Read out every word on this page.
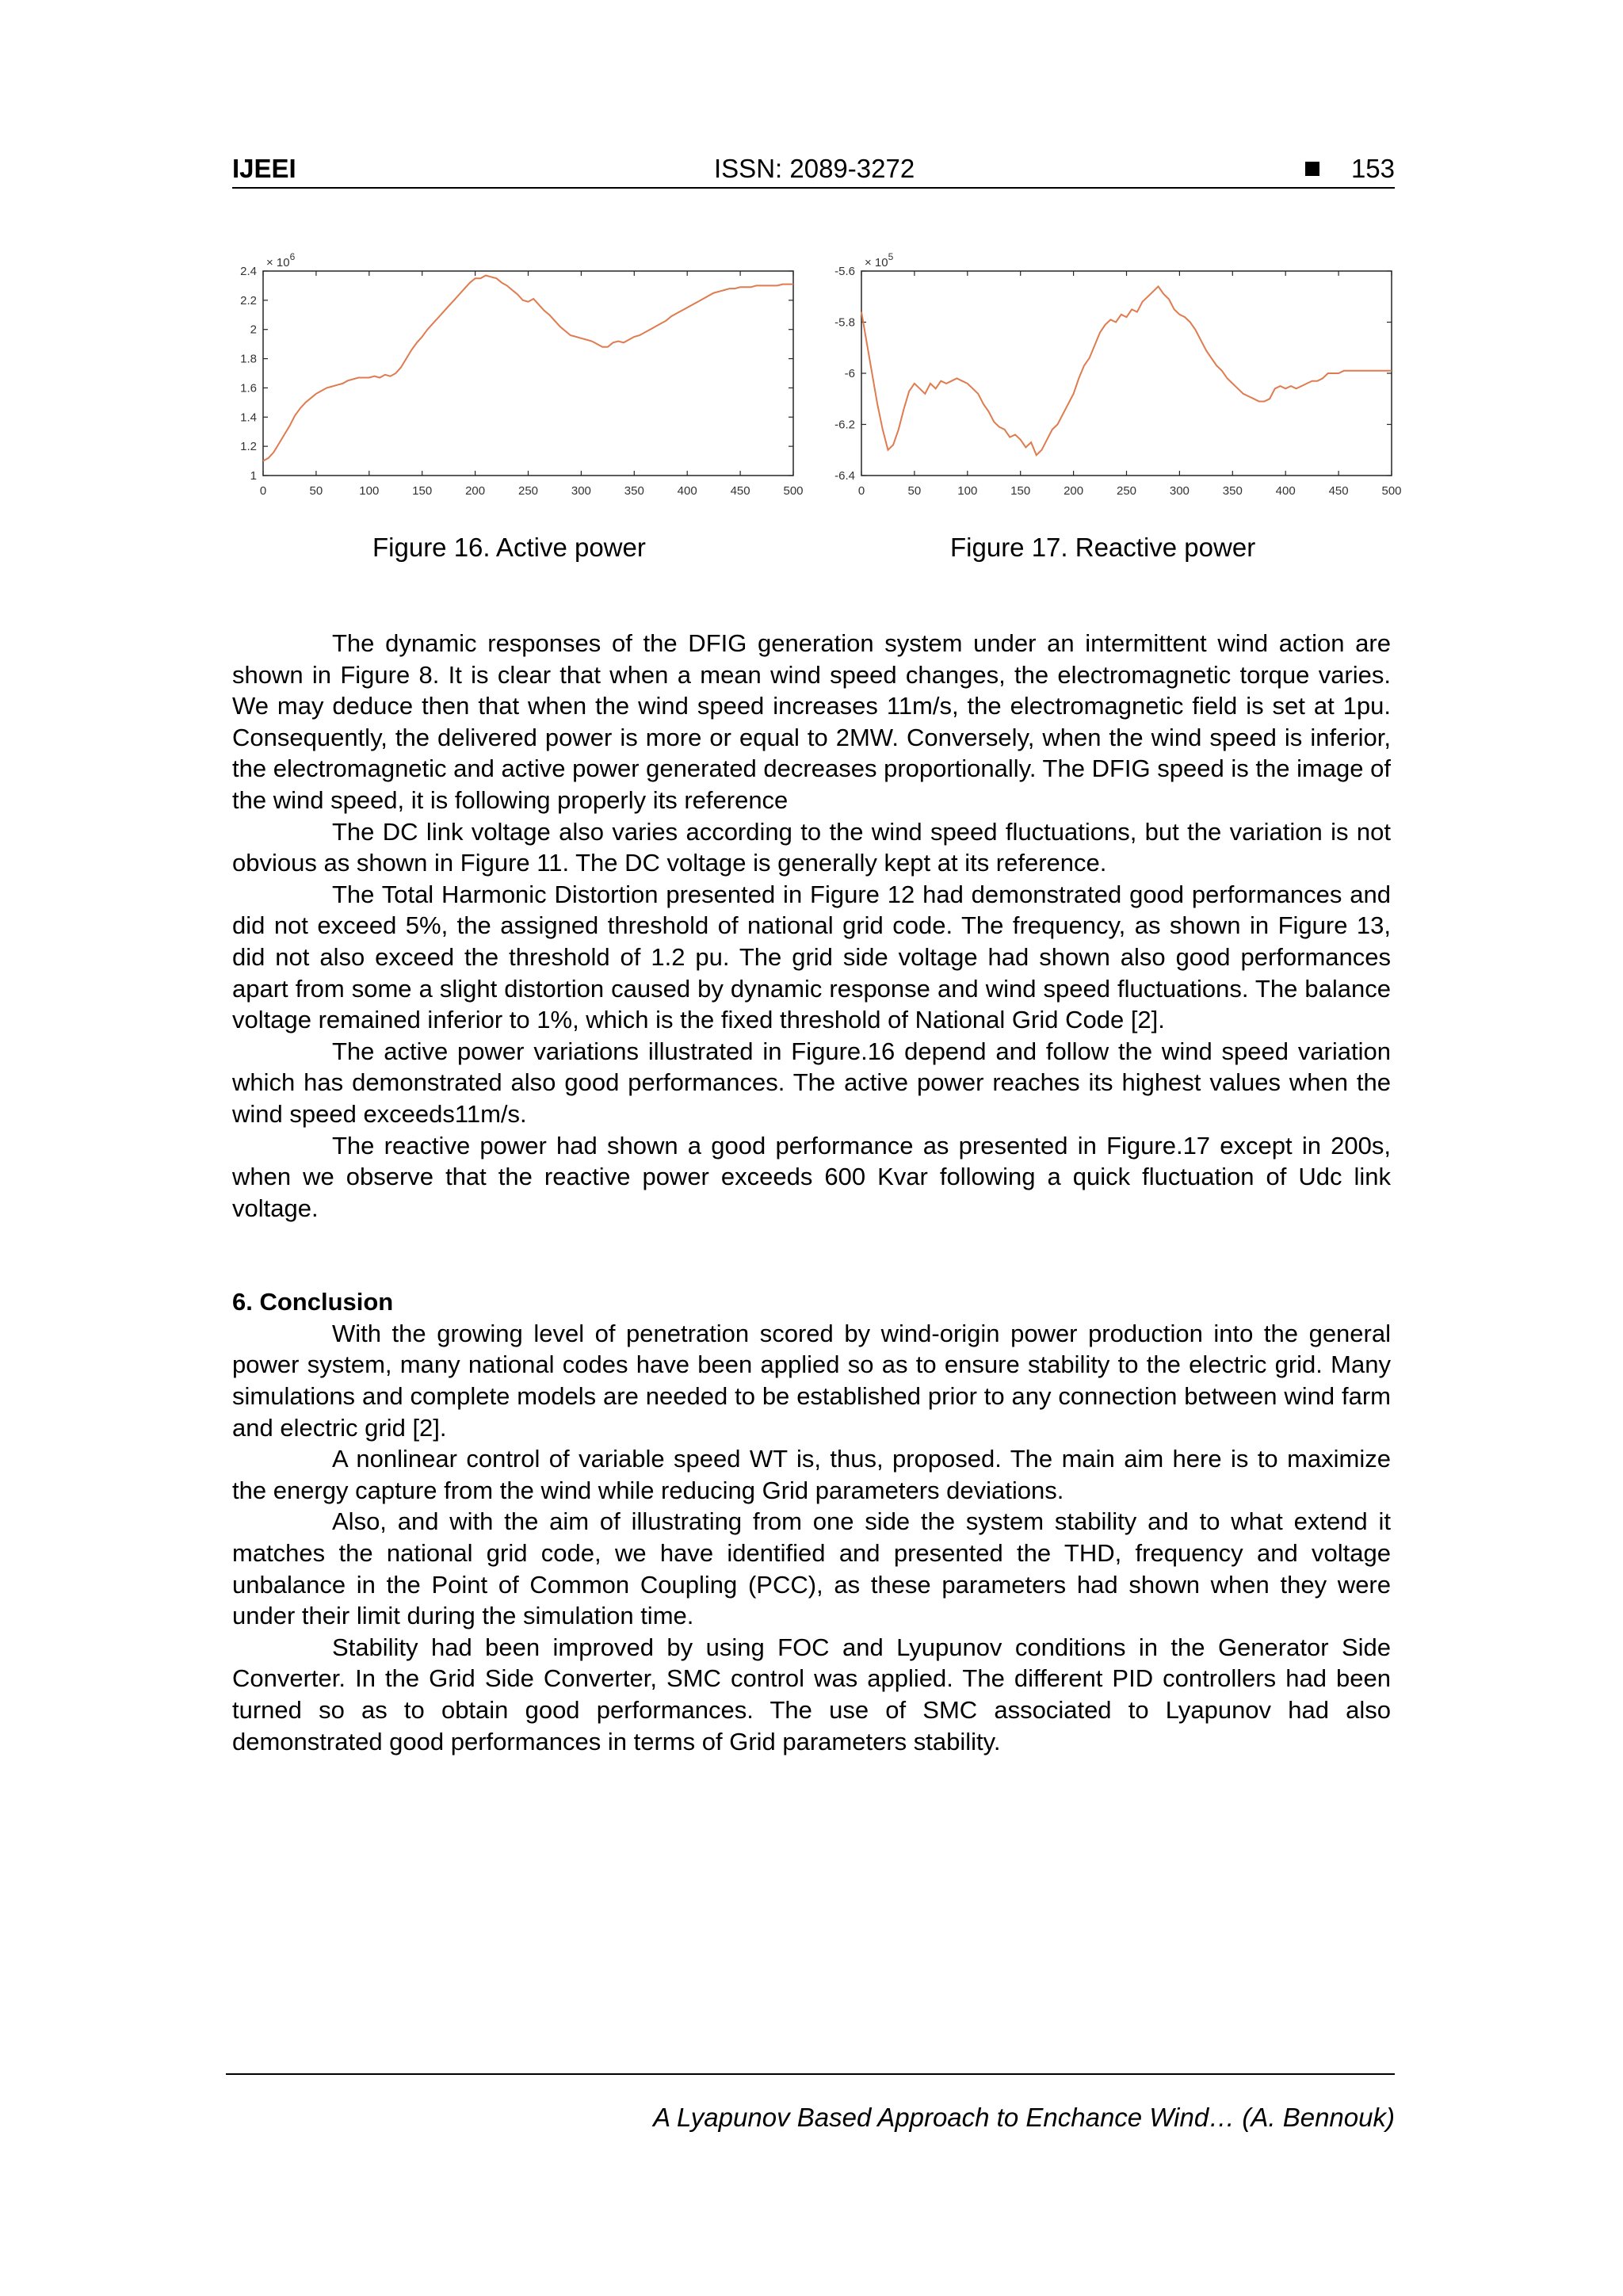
IJEEI	ISSN: 2089-3272	153
0	50	100	150	200	250	300	350	400	450	500
1
1.2
1.4
1.6
1.8
2
2.2
2.4
× $10^6$
0	50	100	150	200	250	300	350	400	450	500
-5.6
-5.8
-6
-6.2
-6.4
× $10^5$
Figure 16. Active power	Figure 17. Reactive power

The dynamic responses of the DFIG generation system under an intermittent wind action are shown in Figure 8. It is clear that when a mean wind speed changes, the electromagnetic torque varies. We may deduce then that when the wind speed increases 11m/s, the electromagnetic field is set at 1pu. Consequently, the delivered power is more or equal to 2MW. Conversely, when the wind speed is inferior, the electromagnetic and active power generated decreases proportionally. The DFIG speed is the image of the wind speed, it is following properly its reference

The DC link voltage also varies according to the wind speed fluctuations, but the variation is not obvious as shown in Figure 11. The DC voltage is generally kept at its reference.

The Total Harmonic Distortion presented in Figure 12 had demonstrated good performances and did not exceed 5%, the assigned threshold of national grid code. The frequency, as shown in Figure 13, did not also exceed the threshold of 1.2 pu. The grid side voltage had shown also good performances apart from some a slight distortion caused by dynamic response and wind speed fluctuations. The balance voltage remained inferior to 1%, which is the fixed threshold of National Grid Code [2].

The active power variations illustrated in Figure.16 depend and follow the wind speed variation which has demonstrated also good performances. The active power reaches its highest values when the wind speed exceeds11m/s.

The reactive power had shown a good performance as presented in Figure.17 except in 200s, when we observe that the reactive power exceeds 600 Kvar following a quick fluctuation of Udc link voltage.

6. Conclusion

With the growing level of penetration scored by wind-origin power production into the general power system, many national codes have been applied so as to ensure stability to the electric grid. Many simulations and complete models are needed to be established prior to any connection between wind farm and electric grid [2].

A nonlinear control of variable speed WT is, thus, proposed. The main aim here is to maximize the energy capture from the wind while reducing Grid parameters deviations.

Also, and with the aim of illustrating from one side the system stability and to what extend it matches the national grid code, we have identified and presented the THD, frequency and voltage unbalance in the Point of Common Coupling (PCC), as these parameters had shown when they were under their limit during the simulation time.

Stability had been improved by using FOC and Lyupunov conditions in the Generator Side Converter. In the Grid Side Converter, SMC control was applied. The different PID controllers had been turned so as to obtain good performances. The use of SMC associated to Lyapunov had also demonstrated good performances in terms of Grid parameters stability.

A Lyapunov Based Approach to Enchance Wind… (A. Bennouk)
